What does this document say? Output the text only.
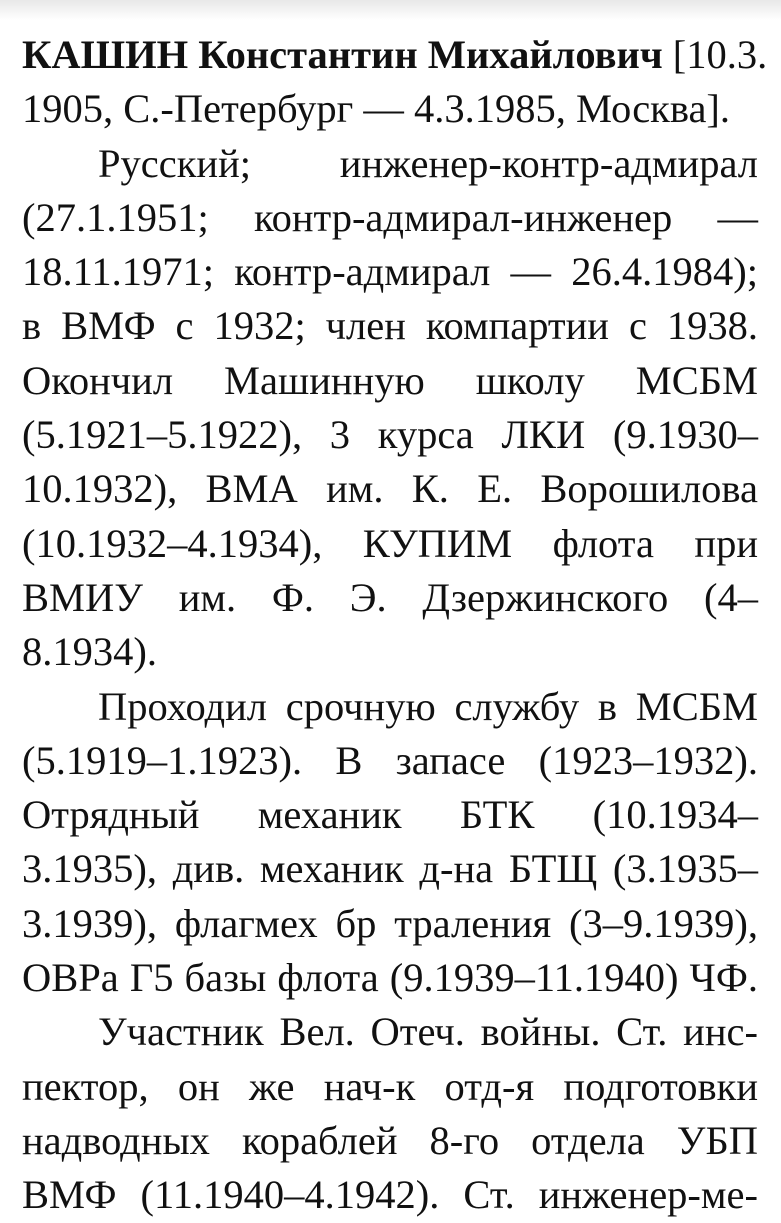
КАШИН Константин Михайлович [10.3.
1905, С.-Петербург — 4.3.1985, Москва].
Русский; инженер-контр-адмирал
(27.1.1951; контр-адмирал-инженер —
18.11.1971; контр-адмирал — 26.4.1984);
в ВМФ с 1932; член компартии с 1938.
Окончил Машинную школу МСБМ
(5.1921–5.1922), 3 курса ЛКИ (9.1930–
10.1932), ВМА им. К. Е. Ворошилова
(10.1932–4.1934), КУПИМ флота при
ВМИУ им. Ф. Э. Дзержинского (4–
8.1934).
Проходил срочную службу в МСБМ
(5.1919–1.1923). В запасе (1923–1932).
Отрядный механик БТК (10.1934–
3.1935), див. механик д-на БТЩ (3.1935–
3.1939), флагмех бр траления (3–9.1939),
ОВРа Г5 базы флота (9.1939–11.1940) ЧФ.
Участник Вел. Отеч. войны. Ст. инс-
пектор, он же нач-к отд-я подготовки
надводных кораблей 8-го отдела УБП
ВМФ (11.1940–4.1942). Ст. инженер-ме-
